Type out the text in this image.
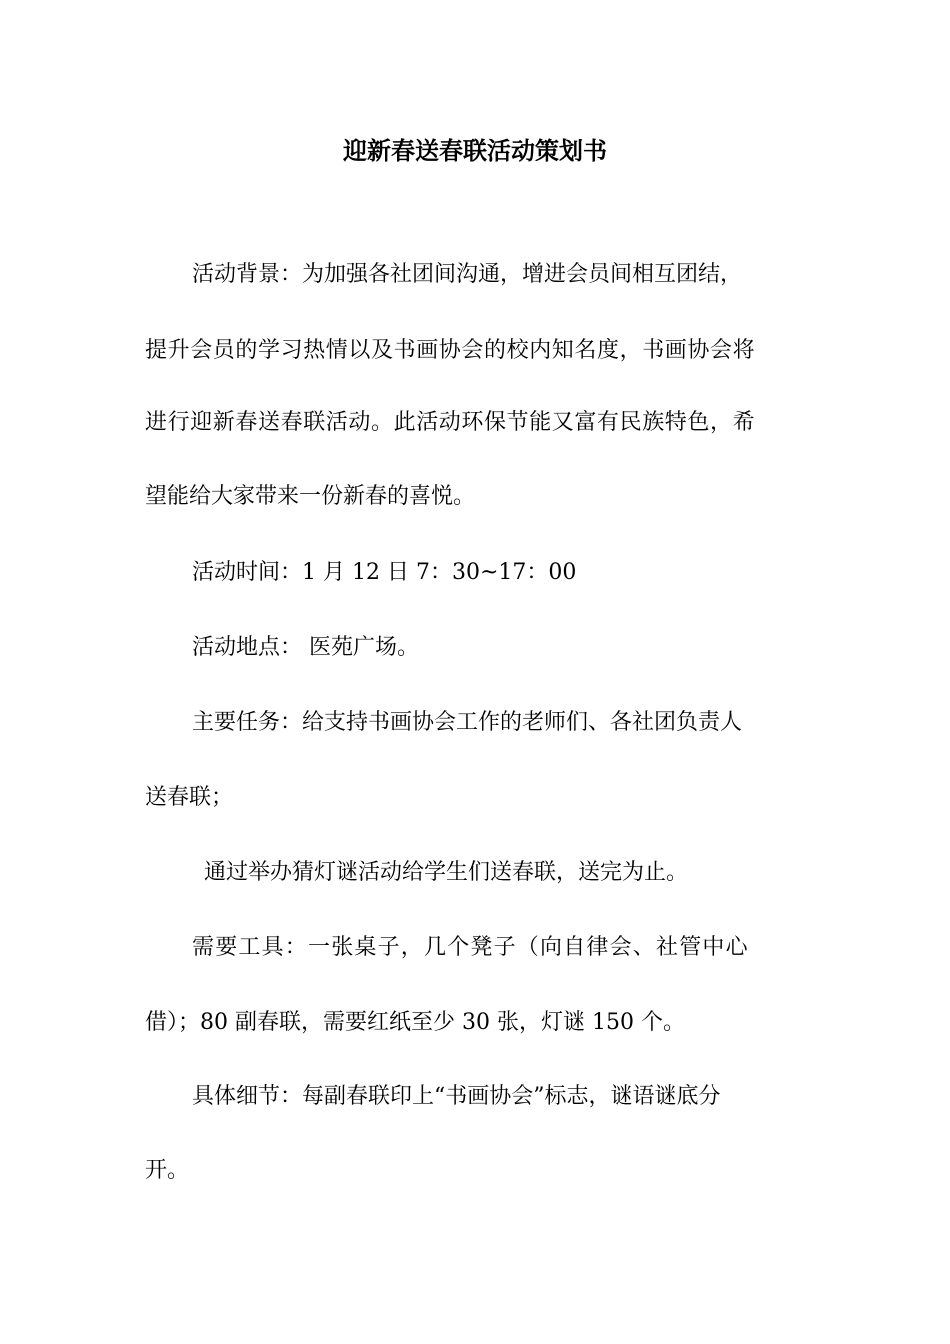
迎新春送春联活动策划书
活动背景：为加强各社团间沟通，增进会员间相互团结，
提升会员的学习热情以及书画协会的校内知名度，书画协会将
进行迎新春送春联活动。此活动环保节能又富有民族特色，希
望能给大家带来一份新春的喜悦。
活动时间：1 月 12 日 7：30~17：00
活动地点： 医苑广场。
主要任务：给支持书画协会工作的老师们、各社团负责人
送春联；
通过举办猜灯谜活动给学生们送春联，送完为止。
需要工具：一张桌子，几个凳子（向自律会、社管中心
借）；80 副春联，需要红纸至少 30 张，灯谜 150 个。
具体细节：每副春联印上“书画协会”标志，谜语谜底分
开。
